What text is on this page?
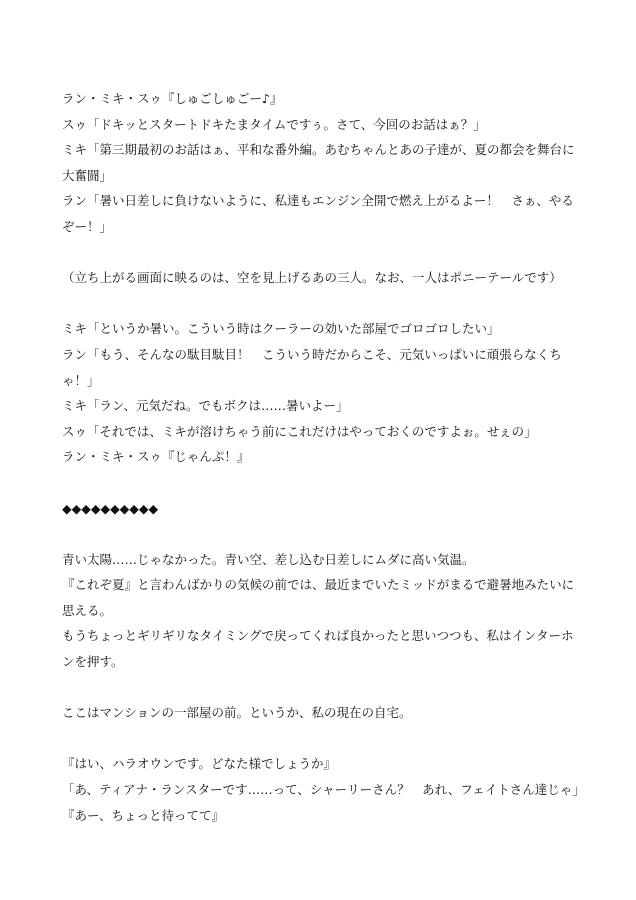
ラン・ミキ・スゥ『しゅごしゅごー♪』
スゥ「ドキッとスタートドキたまタイムですぅ。さて、今回のお話はぁ？」
ミキ「第三期最初のお話はぁ、平和な番外編。あむちゃんとあの子達が、夏の都会を舞台に大奮闘」
ラン「暑い日差しに負けないように、私達もエンジン全開で燃え上がるよー！　さぁ、やるぞー！」
（立ち上がる画面に映るのは、空を見上げるあの三人。なお、一人はポニーテールです）
ミキ「というか暑い。こういう時はクーラーの効いた部屋でゴロゴロしたい」
ラン「もう、そんなの駄目駄目！　こういう時だからこそ、元気いっぱいに頑張らなくちゃ！」
ミキ「ラン、元気だね。でもボクは……暑いよー」
スゥ「それでは、ミキが溶けちゃう前にこれだけはやっておくのですよぉ。せぇの」
ラン・ミキ・スゥ『じゃんぷ！』
◆◆◆◆◆◆◆◆◆◆
青い太陽……じゃなかった。青い空、差し込む日差しにムダに高い気温。
『これぞ夏』と言わんばかりの気候の前では、最近までいたミッドがまるで避暑地みたいに思える。
もうちょっとギリギリなタイミングで戻ってくれば良かったと思いつつも、私はインターホンを押す。
ここはマンションの一部屋の前。というか、私の現在の自宅。
『はい、ハラオウンです。どなた様でしょうか』
「あ、ティアナ・ランスターです……って、シャーリーさん？　あれ、フェイトさん達じゃ」
『あー、ちょっと待ってて』
